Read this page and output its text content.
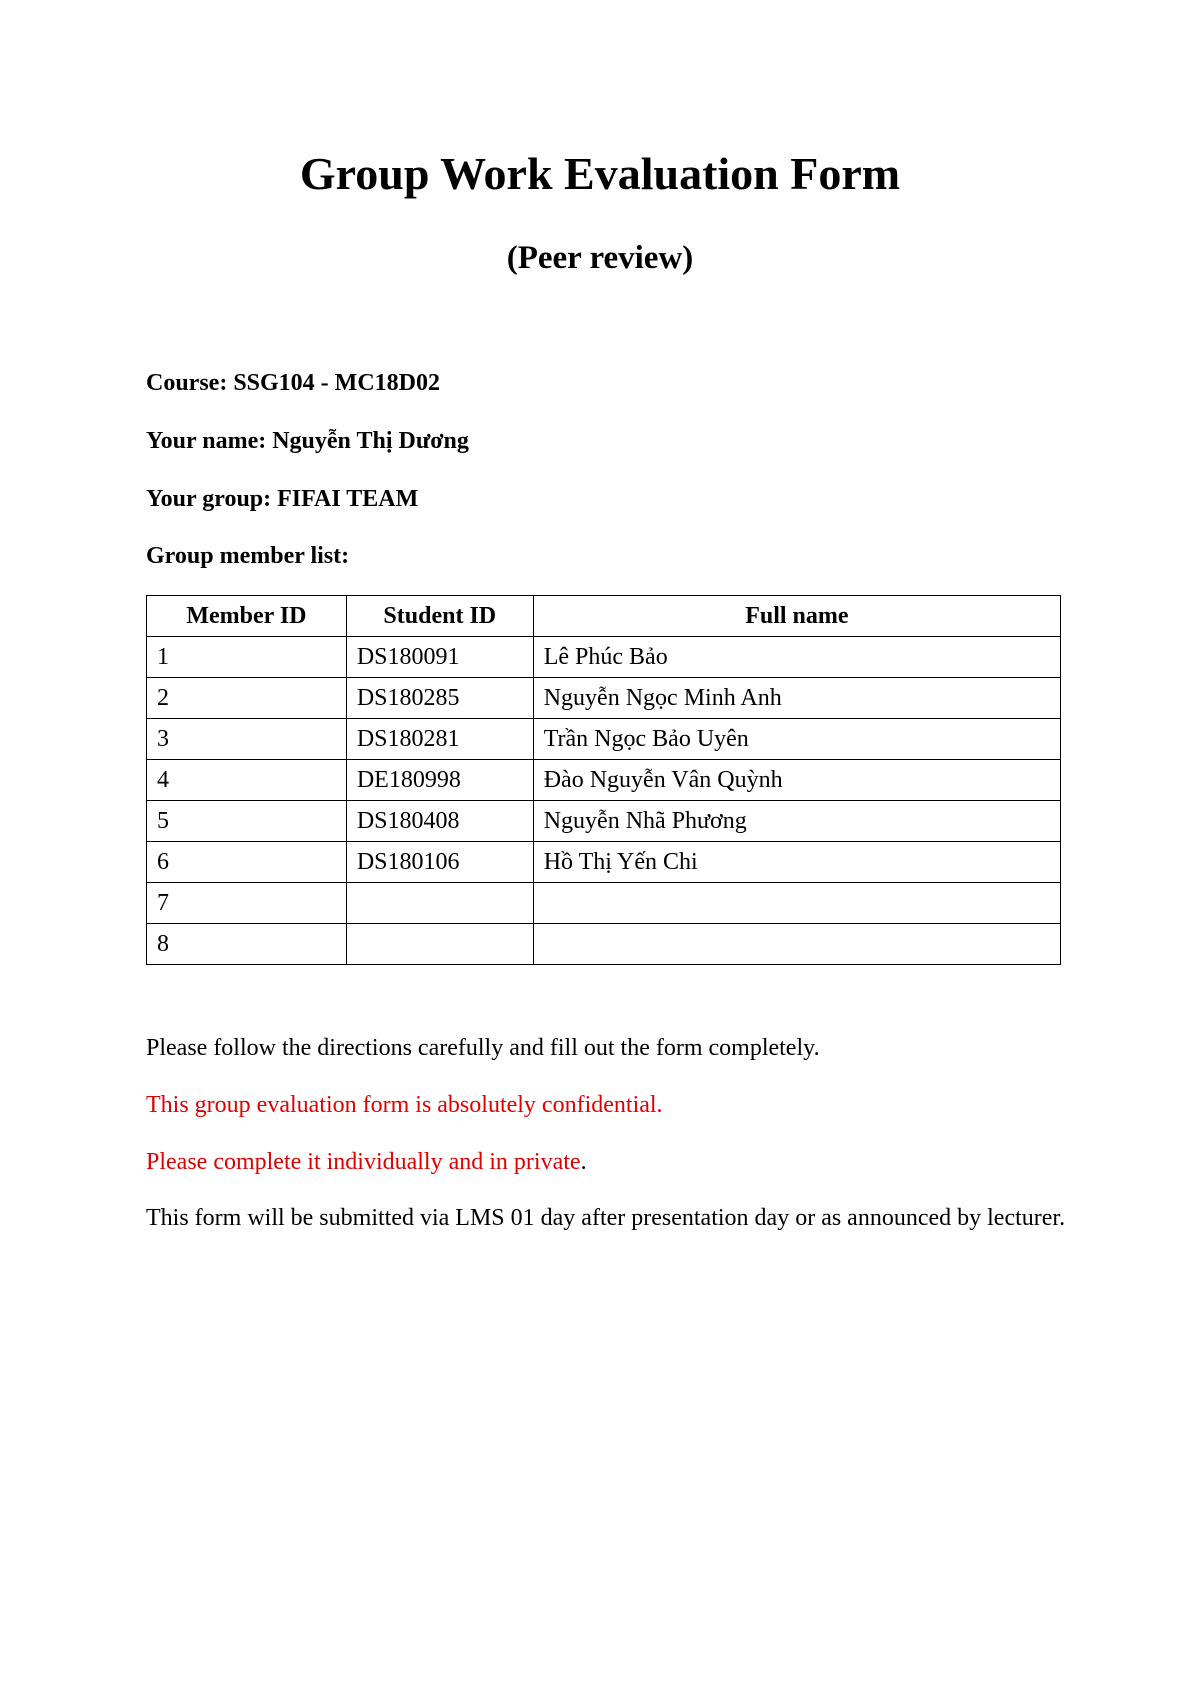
Group Work Evaluation Form
(Peer review)
Course: SSG104 - MC18D02
Your name: Nguyễn Thị Dương
Your group: FIFAI TEAM
Group member list:
Member ID	Student ID	Full name
1	DS180091	Lê Phúc Bảo
2	DS180285	Nguyễn Ngọc Minh Anh
3	DS180281	Trần Ngọc Bảo Uyên
4	DE180998	Đào Nguyễn Vân Quỳnh
5	DS180408	Nguyễn Nhã Phương
6	DS180106	Hồ Thị Yến Chi
7		
8		
Please follow the directions carefully and fill out the form completely.
This group evaluation form is absolutely confidential.
Please complete it individually and in private.
This form will be submitted via LMS 01 day after presentation day or as announced by lecturer.
